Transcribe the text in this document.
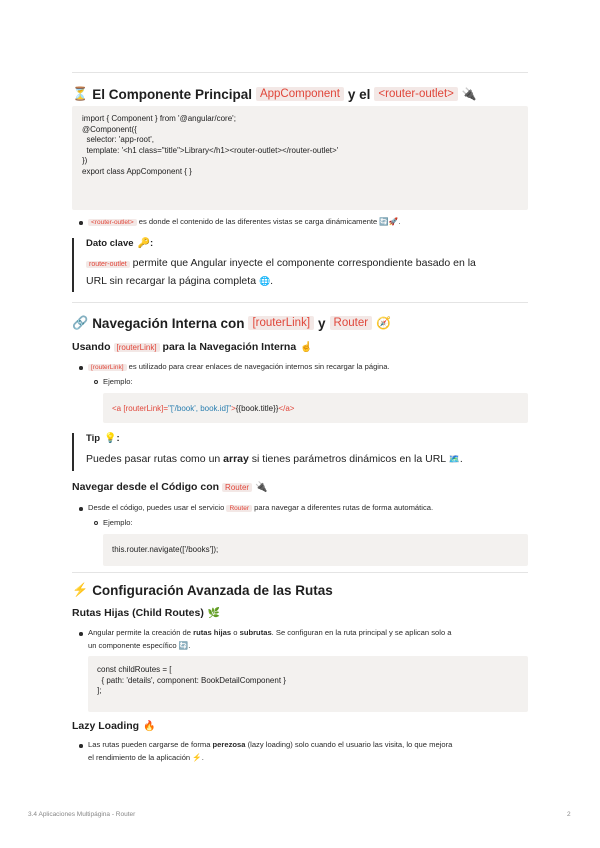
⏳ El Componente Principal AppComponent y el <router-outlet> 🔌
import { Component } from '@angular/core';
@Component({
selector: 'app-root',
template: '<h1 class="title">Library</h1><router-outlet></router-outlet>'
})
export class AppComponent { }
<router-outlet> es donde el contenido de las diferentes vistas se carga dinámicamente 🔄🚀.
Dato clave 🔑 :
router-outlet permite que Angular inyecte el componente correspondiente basado en la
URL sin recargar la página completa 🌐.
🔗 Navegación Interna con [routerLink] y Router 🧭
Usando [routerLink] para la Navegación Interna ☝
[routerLink] es utilizado para crear enlaces de navegación internos sin recargar la página.
Ejemplo:
<a [routerLink]="['/book', book.id]">{{book.title}}</a>
Tip 💡 :
Puedes pasar rutas como un array si tienes parámetros dinámicos en la URL 🗺️.
Navegar desde el Código con Router 🔌
Desde el código, puedes usar el servicio Router para navegar a diferentes rutas de forma automática.
Ejemplo:
this.router.navigate(['/books']);
⚡ Configuración Avanzada de las Rutas
Rutas Hijas (Child Routes) 🌿
Angular permite la creación de rutas hijas o subrutas. Se configuran en la ruta principal y se aplican solo a
un componente específico 🔄.
const childRoutes = [
{ path: 'details', component: BookDetailComponent }
];
Lazy Loading 🔥
Las rutas pueden cargarse de forma perezosa (lazy loading) solo cuando el usuario las visita, lo que mejora
el rendimiento de la aplicación ⚡.
3.4 Aplicaciones Multipágina - Router	2
